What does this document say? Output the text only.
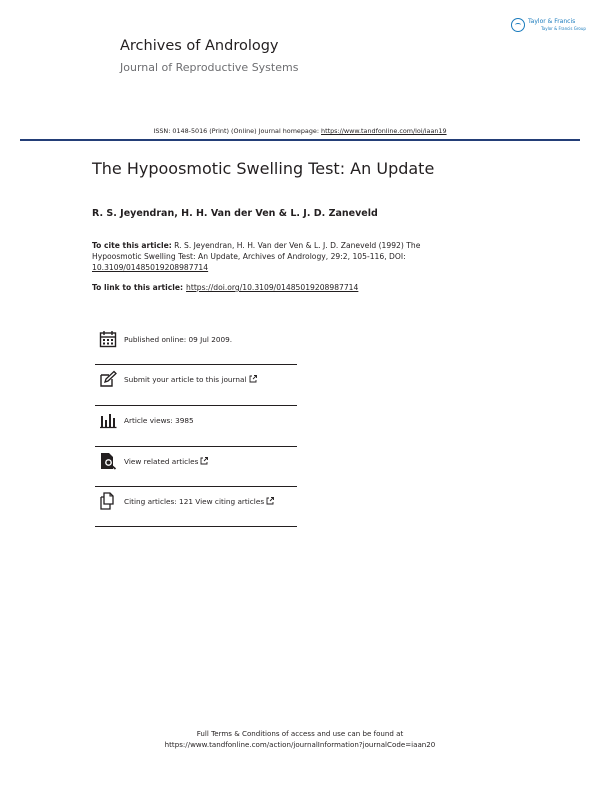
Archives of Andrology
Journal of Reproductive Systems
Taylor & Francis
Taylor & Francis Group
ISSN: 0148-5016 (Print) (Online) Journal homepage: https://www.tandfonline.com/loi/iaan19
The Hypoosmotic Swelling Test: An Update
R. S. Jeyendran, H. H. Van der Ven & L. J. D. Zaneveld
To cite this article: R. S. Jeyendran, H. H. Van der Ven & L. J. D. Zaneveld (1992) The Hypoosmotic Swelling Test: An Update, Archives of Andrology, 29:2, 105-116, DOI: 10.3109/01485019208987714
To link to this article: https://doi.org/10.3109/01485019208987714
Published online: 09 Jul 2009.
Submit your article to this journal
Article views: 3985
View related articles
Citing articles: 121 View citing articles
Full Terms & Conditions of access and use can be found at
https://www.tandfonline.com/action/journalInformation?journalCode=iaan20
